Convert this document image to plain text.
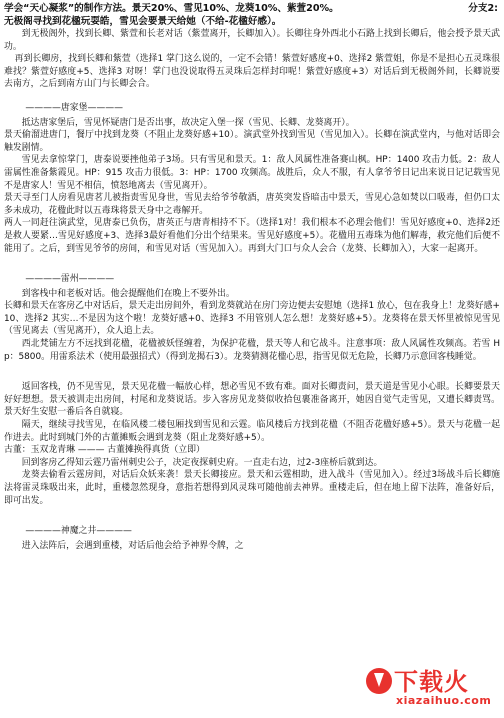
学会“天心凝浆”的制作方法。景天20%、雪见10%、龙葵10%、紫萱20%。	分支2:
无极阁寻找到花楹玩耍皓，雪见会要景天给她（不给-花楹好感）。

到无极阁外，找到长卿、紫萱和长老对话（紫萱离开，长卿加入）。长卿往身外西北小石路上找到长卿后，他会授予景天武功。

再到长卿房，找到长卿和紫萱（选择1 掌门这么说的，一定不会错！紫萱好感度+0、选择2 紫萱姐，你是不是担心五灵珠很难找？紫萱好感度+5、选择3 对呀！掌门也没说取得五灵珠后怎样封印呢！紫萱好感度+3）对话后到无极阁外间，长卿说要去南方，之后到南方山门与长卿会合。

————唐家堡————

抵达唐家堡后，雪见怀疑唐门是否出事，故决定入堡一探（雪见、长卿、龙葵离开）。

景天偷溜进唐门，餐厅中找到龙葵（不阻止龙葵好感+10）。演武堂外找到雪见（雪见加入）。长卿在演武堂内，与他对话即会触发剧情。

雪见去拿惊掌门，唐泰说要挫他弟子3场。只有雪见和景天。1：敌人风属性准备赛山枫。HP：1400 攻击力低。2：敌人雷属性准备紫霞见。HP：915 攻击力很低。3：HP：1700 攻频高。战胜后，众人不服，有人拿爷爷日记出来说日记记载雪见不是唐家人！雪见不相信，愤怒地离去（雪见离开）。

景天寻至门人房看见唐茗儿被指责雪见身世，雪见去给爷爷敬酒，唐英突发昏暗击中景天，雪见心急如焚以口吸毒，但仍口太多未成功，花楹此时以五毒珠将景天身中之毒解开。

两人一同赶往演武堂，见唐泰已负伤，唐英正与唐青相持不下。（选择1对！我们根本不必理会他们！雪见好感度+0、选择2还是救人要紧…雪见好感度+3、选择3最好看他们分出个结果来。雪见好感度+5）。花楹用五毒珠为他们解毒，救完他们后便不能用了。之后，到雪见爷爷的房间，和雪见对话（雪见加入）。再到大门口与众人会合（龙葵、长卿加入），大家一起离开。

————雷州————

到客栈中和老板对话。他会提醒他们在晚上不要外出。

长卿和景天在客房乙中对话后，景天走出房间外，看到龙葵就站在房门旁边便去安慰她（选择1 放心，包在我身上！龙葵好感+10、选择2 其实…不是因为这个啦！龙葵好感+0、选择3 不用管别人怎么想！龙葵好感+5）。龙葵将在景天怀里被惊见雪见（雪见离去（雪见离开），众人追上去。

西北梵铺左方不远找到花楹，花楹被妖怪缠着，为保护花楹，景天等人和它战斗。注意事项：敌人风属性攻频高。若雪 Hp：5800。用雷系法术（使用最强招式）（得到龙揭石3）。龙葵猜测花楹心思，指雪见似无危险，长卿乃示意回客栈睡觉。

返回客栈，仍不见雪见，景天见花楹一幅放心样，想必雪见不致有难。面对长卿责问，景天道是雪见小心眼。长卿要景天好好想想。景天被训走出房间，村尾和龙葵说话。步入客房见龙葵似收拾包裹准备离开，她因自觉气走雪见，又遭长卿责骂。景天好生安慰一番后各自就寝。

隔天，继续寻找雪见，在临风楼二楼包厢找到雪见和云霆。临风楼后方找到花楹（不阻否花楹好感+5）。景天与花楹一起作进去。此时到城门外的古董摊贩会遇到龙葵（阻止龙葵好感+5）。

古董：玉双龙青琳 ——— 古董摊换得真货（立即）

回到客房乙得知云霆乃雷州刺史公子，决定夜探刺史府。一直走右边，过2-3座桥后就到达。

龙葵去偷看云霆房间，对话后众妖来袭！景天长卿接应。景天和云霆相助，进入战斗（雪见加入）。经过3场战斗后长卿施法将雷灵珠吸出来，此时，重楼忽然现身，意指若想得到风灵珠可随他前去神界。重楼走后，但在地上留下法阵，准备好后，即可出发。

————神魔之井————

进入法阵后，会遇到重楼，对话后他会给予神界令牌，之

下载火
xiazaihuo.com
